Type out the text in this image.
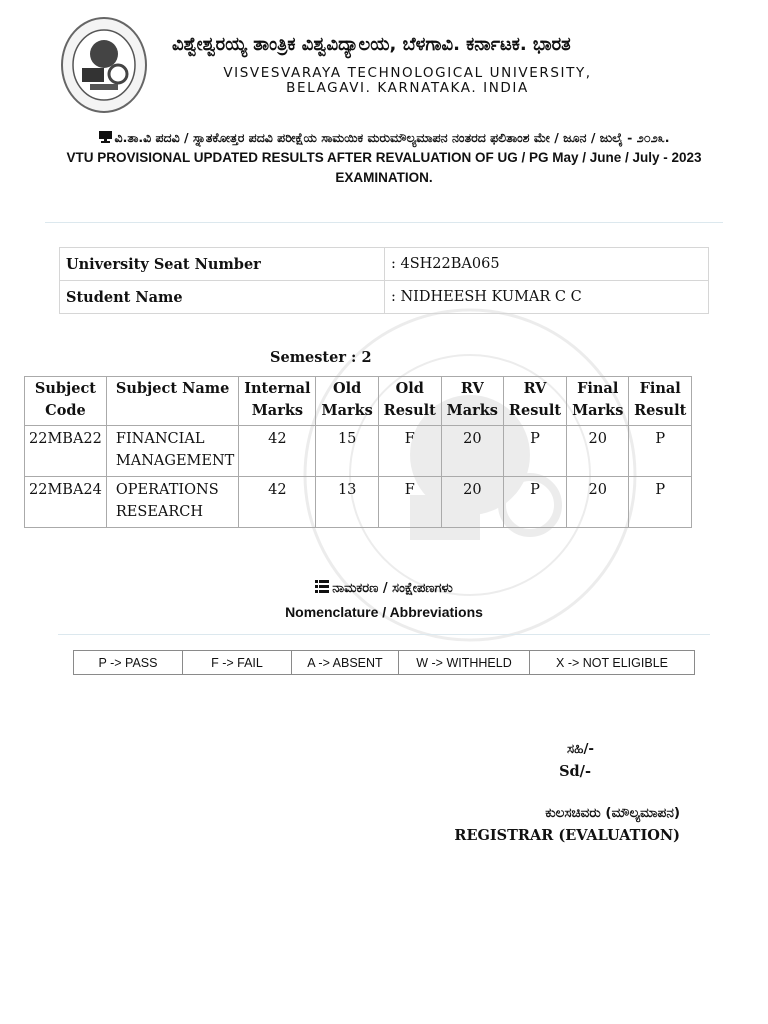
ವಿಶ್ವೇಶ್ವರಯ್ಯ ತಾಂತ್ರಿಕ ವಿಶ್ವವಿದ್ಯಾಲಯ, ಬೆಳಗಾವಿ. ಕರ್ನಾಟಕ. ಭಾರತ
VISVESVARAYA TECHNOLOGICAL UNIVERSITY,
BELAGAVI. KARNATAKA. INDIA
ವಿ.ತಾ.ವಿ ಪದವಿ / ಸ್ನಾತಕೋತ್ತರ ಪದವಿ ಪರೀಕ್ಷೆಯ ಸಾಮಯಿಕ ಮರುಮೌಲ್ಯಮಾಪನ ನಂತರದ ಫಲಿತಾಂಶ ಮೇ / ಜೂನ / ಜುಲೈ - ೨೦೨೩.
VTU PROVISIONAL UPDATED RESULTS AFTER REVALUATION OF UG / PG May / June / July - 2023 EXAMINATION.
University Seat Number	: 4SH22BA065
Student Name	: NIDHEESH KUMAR C C
Semester : 2
Subject Code	Subject Name	Internal Marks	Old Marks	Old Result	RV Marks	RV Result	Final Marks	Final Result
22MBA22	FINANCIAL MANAGEMENT	42	15	F	20	P	20	P
22MBA24	OPERATIONS RESEARCH	42	13	F	20	P	20	P
ನಾಮಕರಣ / ಸಂಕ್ಷೇಪಣಗಳು
Nomenclature / Abbreviations
P -> PASS	F -> FAIL	A -> ABSENT	W -> WITHHELD	X -> NOT ELIGIBLE
ಸಹಿ/-
Sd/-
ಕುಲಸಚಿವರು (ಮೌಲ್ಯಮಾಪನ)
REGISTRAR (EVALUATION)
